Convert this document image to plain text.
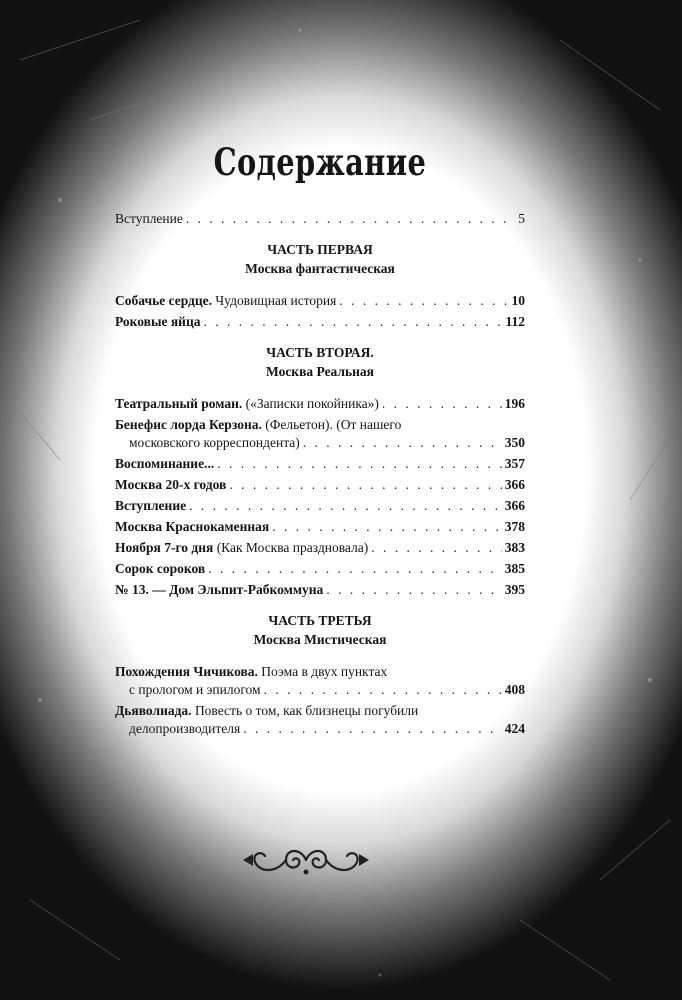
Содержание
Вступление . . .	5
ЧАСТЬ ПЕРВАЯ
Москва фантастическая
Собачье сердце. Чудовищная история . . .	10
Роковые яйца . . .	112
ЧАСТЬ ВТОРАЯ.
Москва Реальная
Театральный роман. («Записки покойника») . . .	196
Бенефис лорда Керзона. (Фельетон). (От нашего
московского корреспондента) . . .	350
Воспоминание... . . .	357
Москва 20-х годов . . .	366
Вступление . . .	366
Москва Краснокаменная . . .	378
Ноября 7-го дня (Как Москва праздновала) . . .	383
Сорок сороков . . .	385
№ 13. — Дом Эльпит-Рабкоммуна . . .	395
ЧАСТЬ ТРЕТЬЯ
Москва Мистическая
Похождения Чичикова. Поэма в двух пунктах
с прологом и эпилогом . . .	408
Дьяволиада. Повесть о том, как близнецы погубили
делопроизводителя . . .	424
